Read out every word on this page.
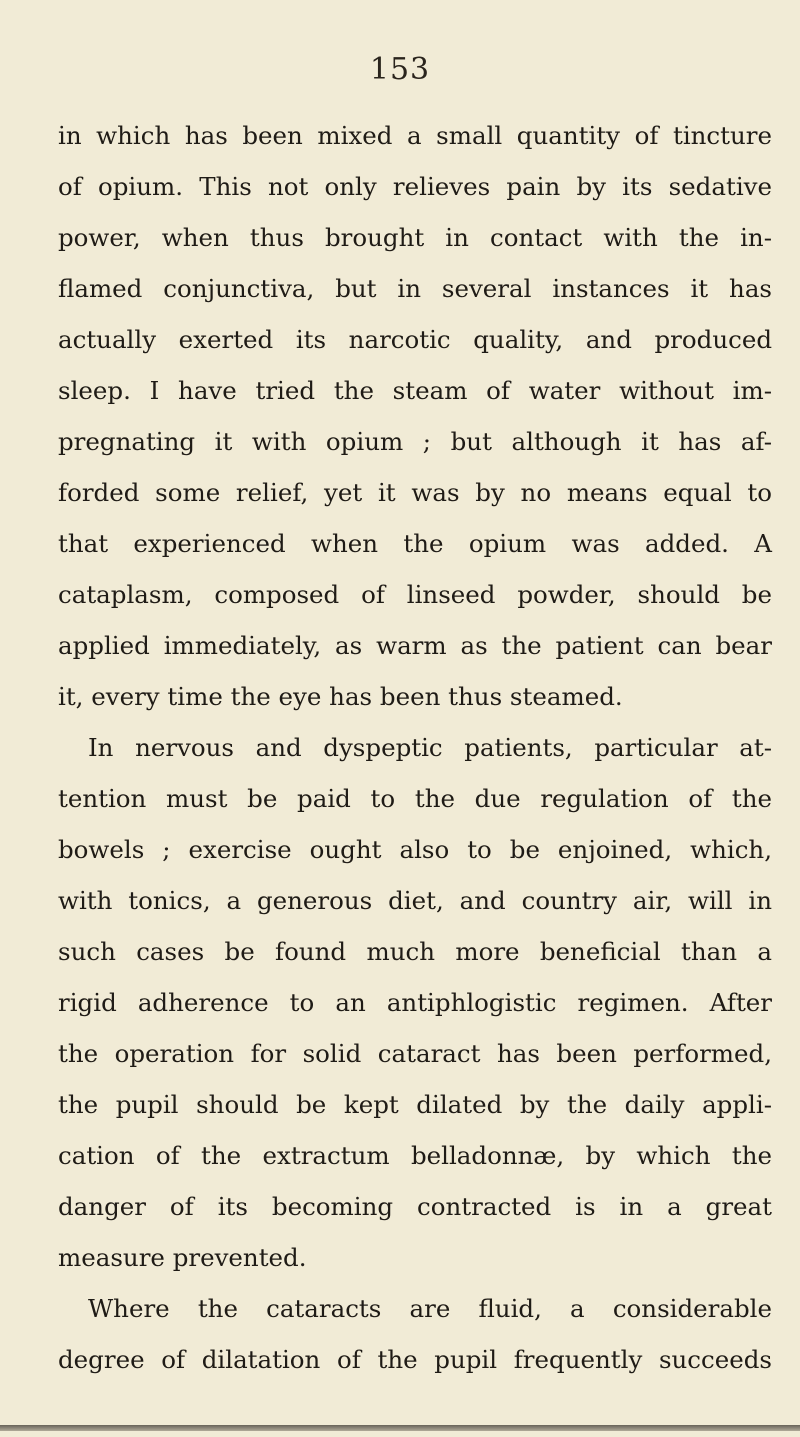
153
in which has been mixed a small quantity of tincture
of opium. This not only relieves pain by its sedative
power, when thus brought in contact with the in-
flamed conjunctiva, but in several instances it has
actually exerted its narcotic quality, and produced
sleep. I have tried the steam of water without im-
pregnating it with opium ; but although it has af-
forded some relief, yet it was by no means equal to
that experienced when the opium was added. A
cataplasm, composed of linseed powder, should be
applied immediately, as warm as the patient can bear
it, every time the eye has been thus steamed.
In nervous and dyspeptic patients, particular at-
tention must be paid to the due regulation of the
bowels ; exercise ought also to be enjoined, which,
with tonics, a generous diet, and country air, will in
such cases be found much more beneficial than a
rigid adherence to an antiphlogistic regimen. After
the operation for solid cataract has been performed,
the pupil should be kept dilated by the daily appli-
cation of the extractum belladonnæ, by which the
danger of its becoming contracted is in a great
measure prevented.
Where the cataracts are fluid, a considerable
degree of dilatation of the pupil frequently succeeds
